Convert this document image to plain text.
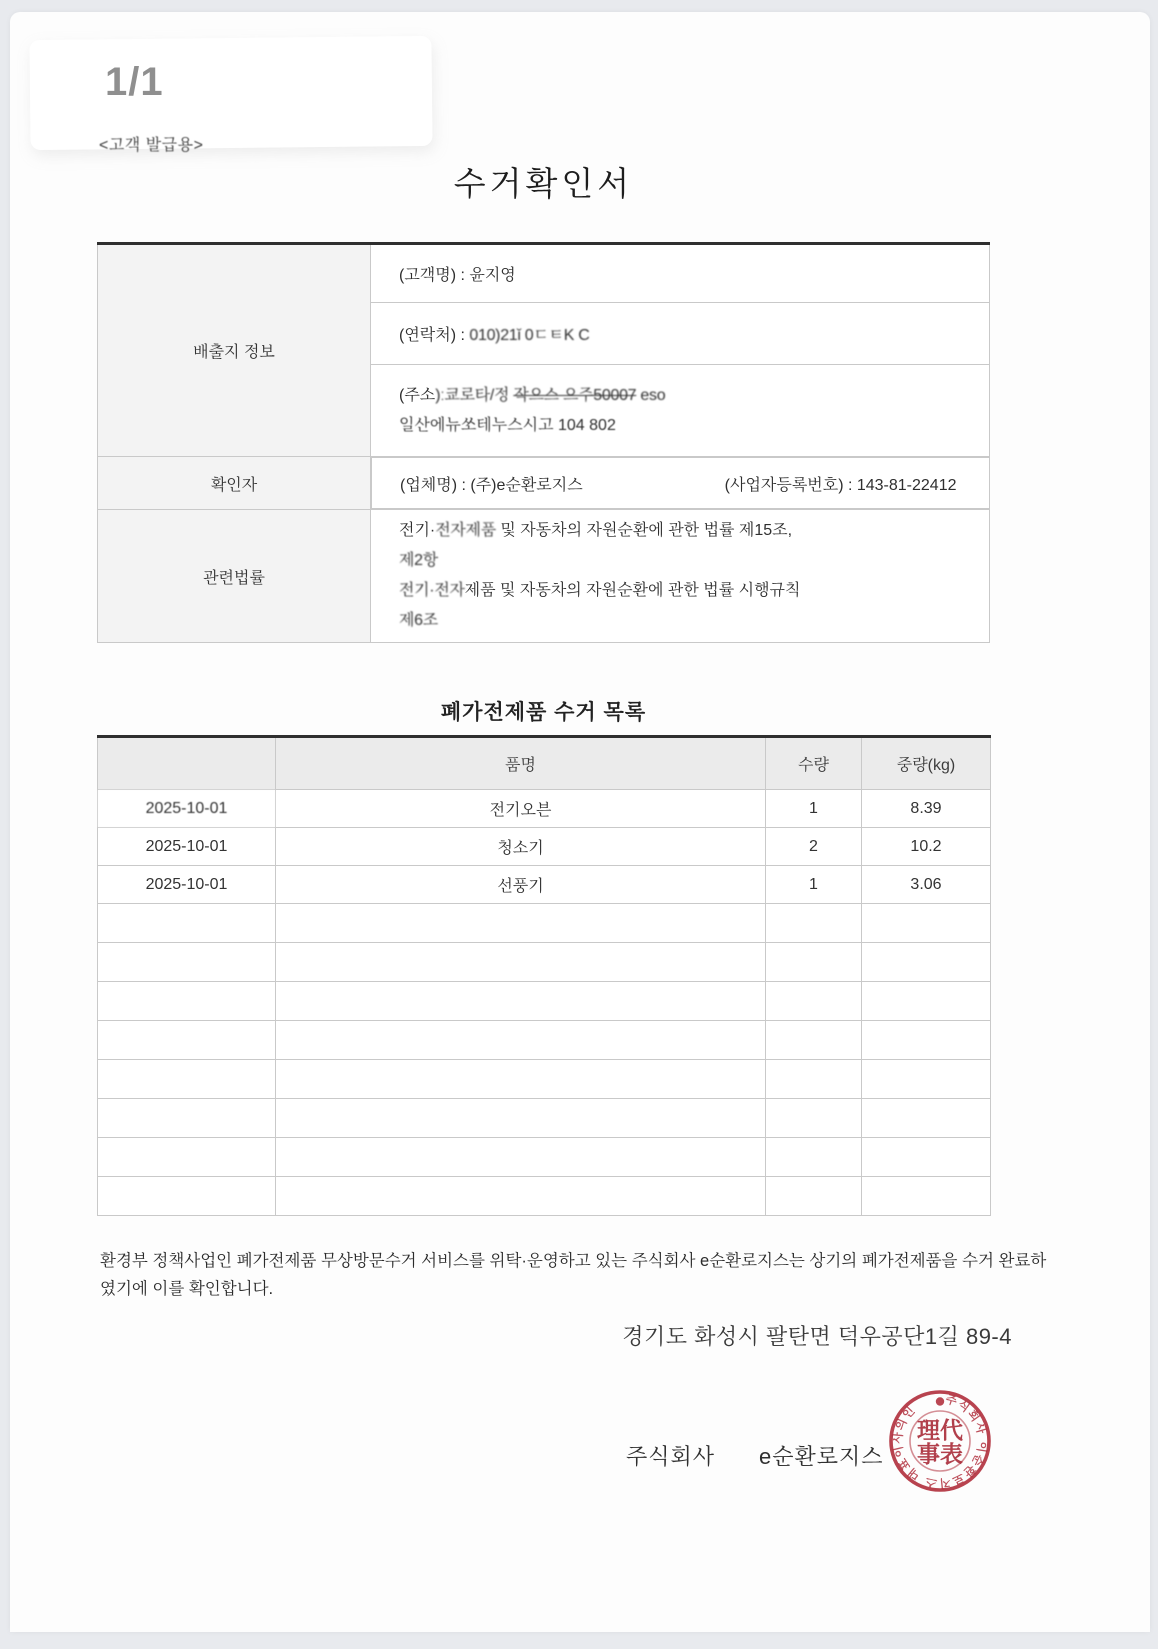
1/1
<고객 발급용>
수거확인서
배출지 정보	(고객명) : 윤지영
	(연락처) : 010)21ǐ 0ㄷㅌK C

	(주소)ː쿄로타/정 작으스 으주50007 eso
일산에뉴쏘테누스시고 104 802

확인자		(업체명) : (주)e순환로지스	(사업자등록번호) : 143-81-22412

관련법률	전기·전자제품 및 자동차의 자원순환에 관한 법률 제15조,
제2항
전기·전자제품 및 자동차의 자원순환에 관한 법률 시행규칙
제6조
폐가전제품 수거 목록
	품명	수량	중량(kg)
2025-10-01	전기오븐	1	8.39
2025-10-01	청소기	2	10.2
2025-10-01	선풍기	1	3.06

환경부 정책사업인 폐가전제품 무상방문수거 서비스를 위탁·운영하고 있는 주식회사 e순환로지스는 상기의 폐가전제품을 수거 완료하였기에 이를 확인합니다.
경기도 화성시 팔탄면 덕우공단1길 89-4
주식회사 e순환로지스
주식회사 이순환로지스 대표이사의인
理代
事表
